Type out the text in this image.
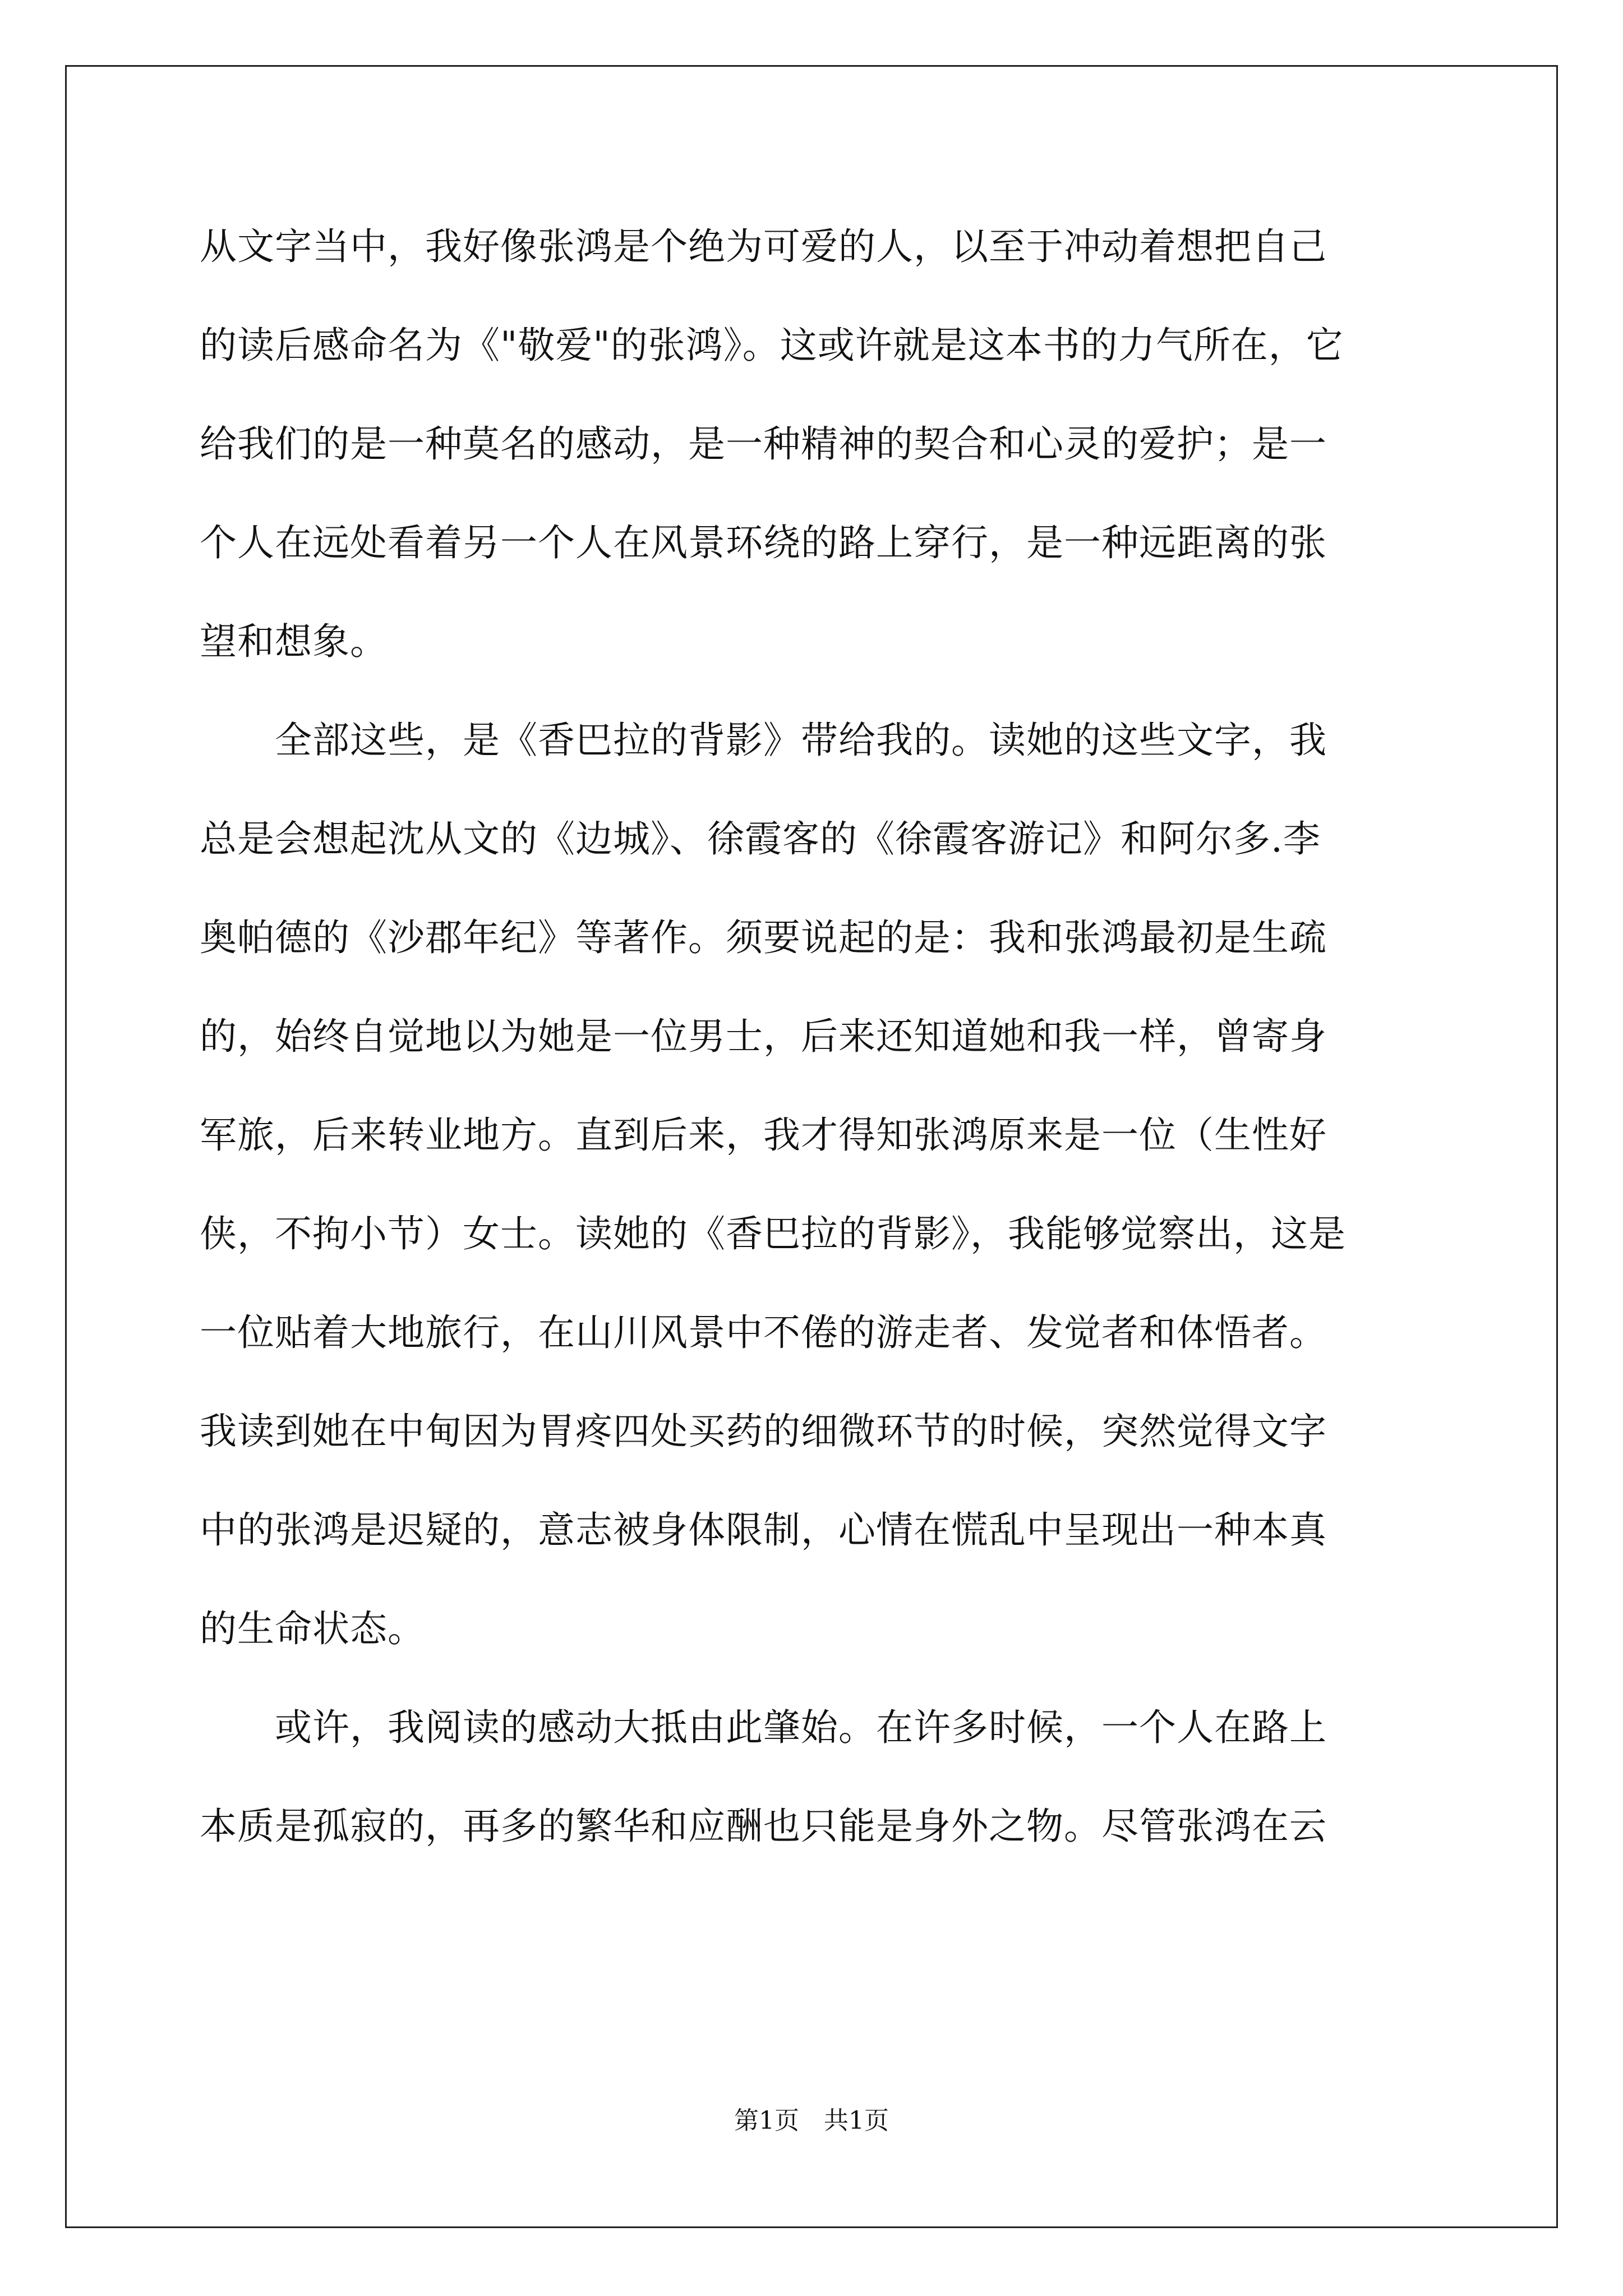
从文字当中，我好像张鸿是个绝为可爱的人，以至于冲动着想把自己
的读后感命名为《"敬爱"的张鸿》。这或许就是这本书的力气所在，它
给我们的是一种莫名的感动，是一种精神的契合和心灵的爱护；是一
个人在远处看着另一个人在风景环绕的路上穿行，是一种远距离的张
望和想象。
　　全部这些，是《香巴拉的背影》带给我的。读她的这些文字，我
总是会想起沈从文的《边城》、徐霞客的《徐霞客游记》和阿尔多.李
奥帕德的《沙郡年纪》等著作。须要说起的是：我和张鸿最初是生疏
的，始终自觉地以为她是一位男士，后来还知道她和我一样，曾寄身
军旅，后来转业地方。直到后来，我才得知张鸿原来是一位（生性好
侠，不拘小节）女士。读她的《香巴拉的背影》，我能够觉察出，这是
一位贴着大地旅行，在山川风景中不倦的游走者、发觉者和体悟者。
我读到她在中甸因为胃疼四处买药的细微环节的时候，突然觉得文字
中的张鸿是迟疑的，意志被身体限制，心情在慌乱中呈现出一种本真
的生命状态。
　　或许，我阅读的感动大抵由此肇始。在许多时候，一个人在路上
本质是孤寂的，再多的繁华和应酬也只能是身外之物。尽管张鸿在云
第1页　共1页
